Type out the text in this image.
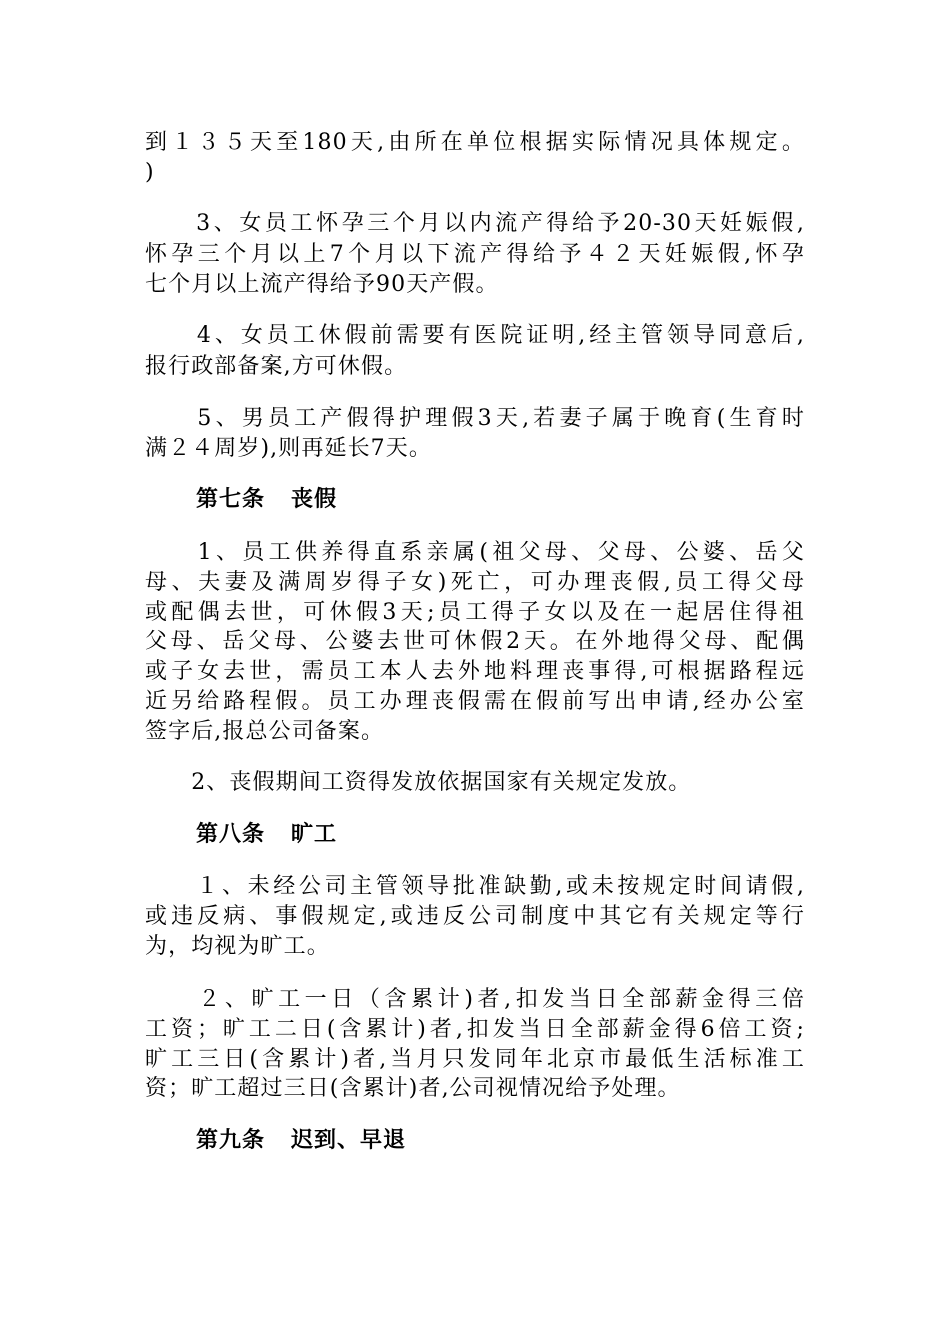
到１３５天至180天,由所在单位根据实际情况具体规定。
)
　　3、女员工怀孕三个月以内流产得给予20-30天妊娠假,
怀孕三个月以上7个月以下流产得给予４２天妊娠假,怀孕
七个月以上流产得给予90天产假。
　　4、女员工休假前需要有医院证明,经主管领导同意后,
报行政部备案,方可休假。
　　5、男员工产假得护理假3天,若妻子属于晚育(生育时
满２４周岁),则再延长7天。
第七条 丧假
　　1、员工供养得直系亲属(祖父母、父母、公婆、岳父
母、夫妻及满周岁得子女)死亡，可办理丧假,员工得父母
或配偶去世，可休假3天;员工得子女以及在一起居住得祖
父母、岳父母、公婆去世可休假2天。在外地得父母、配偶
或子女去世，需员工本人去外地料理丧事得,可根据路程远
近另给路程假。员工办理丧假需在假前写出申请,经办公室
签字后,报总公司备案。
　　2、丧假期间工资得发放依据国家有关规定发放。
第八条 旷工
　　１、未经公司主管领导批准缺勤,或未按规定时间请假,
或违反病、事假规定,或违反公司制度中其它有关规定等行
为，均视为旷工。
　　２、旷工一日（含累计)者,扣发当日全部薪金得三倍
工资；旷工二日(含累计)者,扣发当日全部薪金得6倍工资;
旷工三日(含累计)者,当月只发同年北京市最低生活标准工
资；旷工超过三日(含累计)者,公司视情况给予处理。
第九条 迟到、早退
